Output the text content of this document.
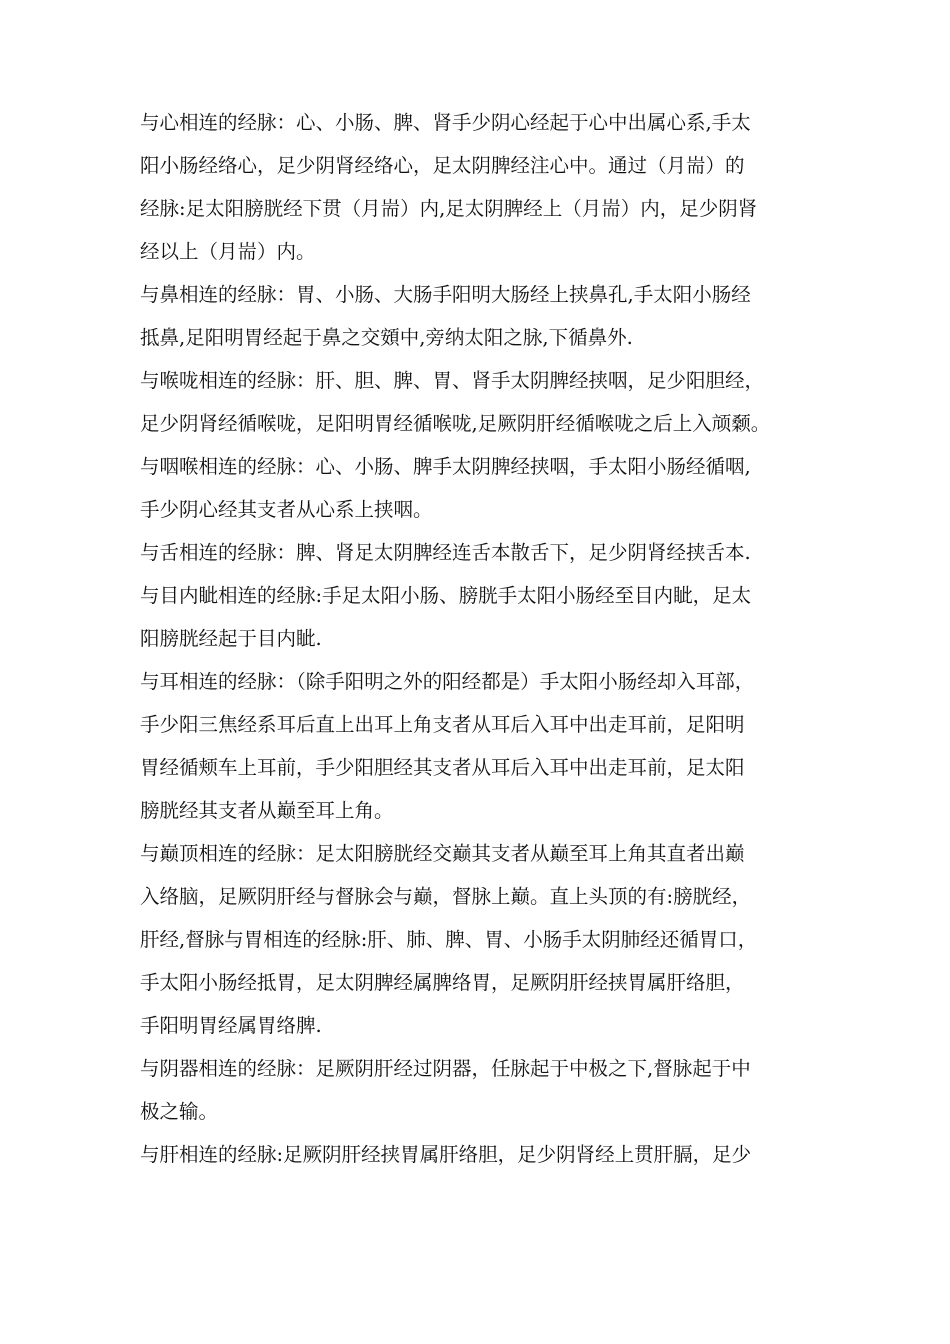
与心相连的经脉：心、小肠、脾、肾手少阴心经起于心中出属心系,手太
阳小肠经络心，足少阴肾经络心，足太阴脾经注心中。通过（月耑）的
经脉:足太阳膀胱经下贯（月耑）内,足太阴脾经上（月耑）内，足少阴肾
经以上（月耑）内。
与鼻相连的经脉：胃、小肠、大肠手阳明大肠经上挟鼻孔,手太阳小肠经
抵鼻,足阳明胃经起于鼻之交頞中,旁纳太阳之脉,下循鼻外.
与喉咙相连的经脉：肝、胆、脾、胃、肾手太阴脾经挟咽，足少阳胆经，
足少阴肾经循喉咙，足阳明胃经循喉咙,足厥阴肝经循喉咙之后上入颃颡。
与咽喉相连的经脉：心、小肠、脾手太阴脾经挟咽，手太阳小肠经循咽,
手少阴心经其支者从心系上挟咽。
与舌相连的经脉：脾、肾足太阴脾经连舌本散舌下，足少阴肾经挟舌本.
与目内眦相连的经脉:手足太阳小肠、膀胱手太阳小肠经至目内眦，足太
阳膀胱经起于目内眦.
与耳相连的经脉：（除手阳明之外的阳经都是）手太阳小肠经却入耳部，
手少阳三焦经系耳后直上出耳上角支者从耳后入耳中出走耳前，足阳明
胃经循颊车上耳前，手少阳胆经其支者从耳后入耳中出走耳前，足太阳
膀胱经其支者从巅至耳上角。
与巅顶相连的经脉：足太阳膀胱经交巅其支者从巅至耳上角其直者出巅
入络脑，足厥阴肝经与督脉会与巅，督脉上巅。直上头顶的有:膀胱经，
肝经,督脉与胃相连的经脉:肝、肺、脾、胃、小肠手太阴肺经还循胃口，
手太阳小肠经抵胃，足太阴脾经属脾络胃，足厥阴肝经挟胃属肝络胆，
手阳明胃经属胃络脾.
与阴器相连的经脉：足厥阴肝经过阴器，任脉起于中极之下,督脉起于中
极之输。
与肝相连的经脉:足厥阴肝经挟胃属肝络胆，足少阴肾经上贯肝膈，足少
